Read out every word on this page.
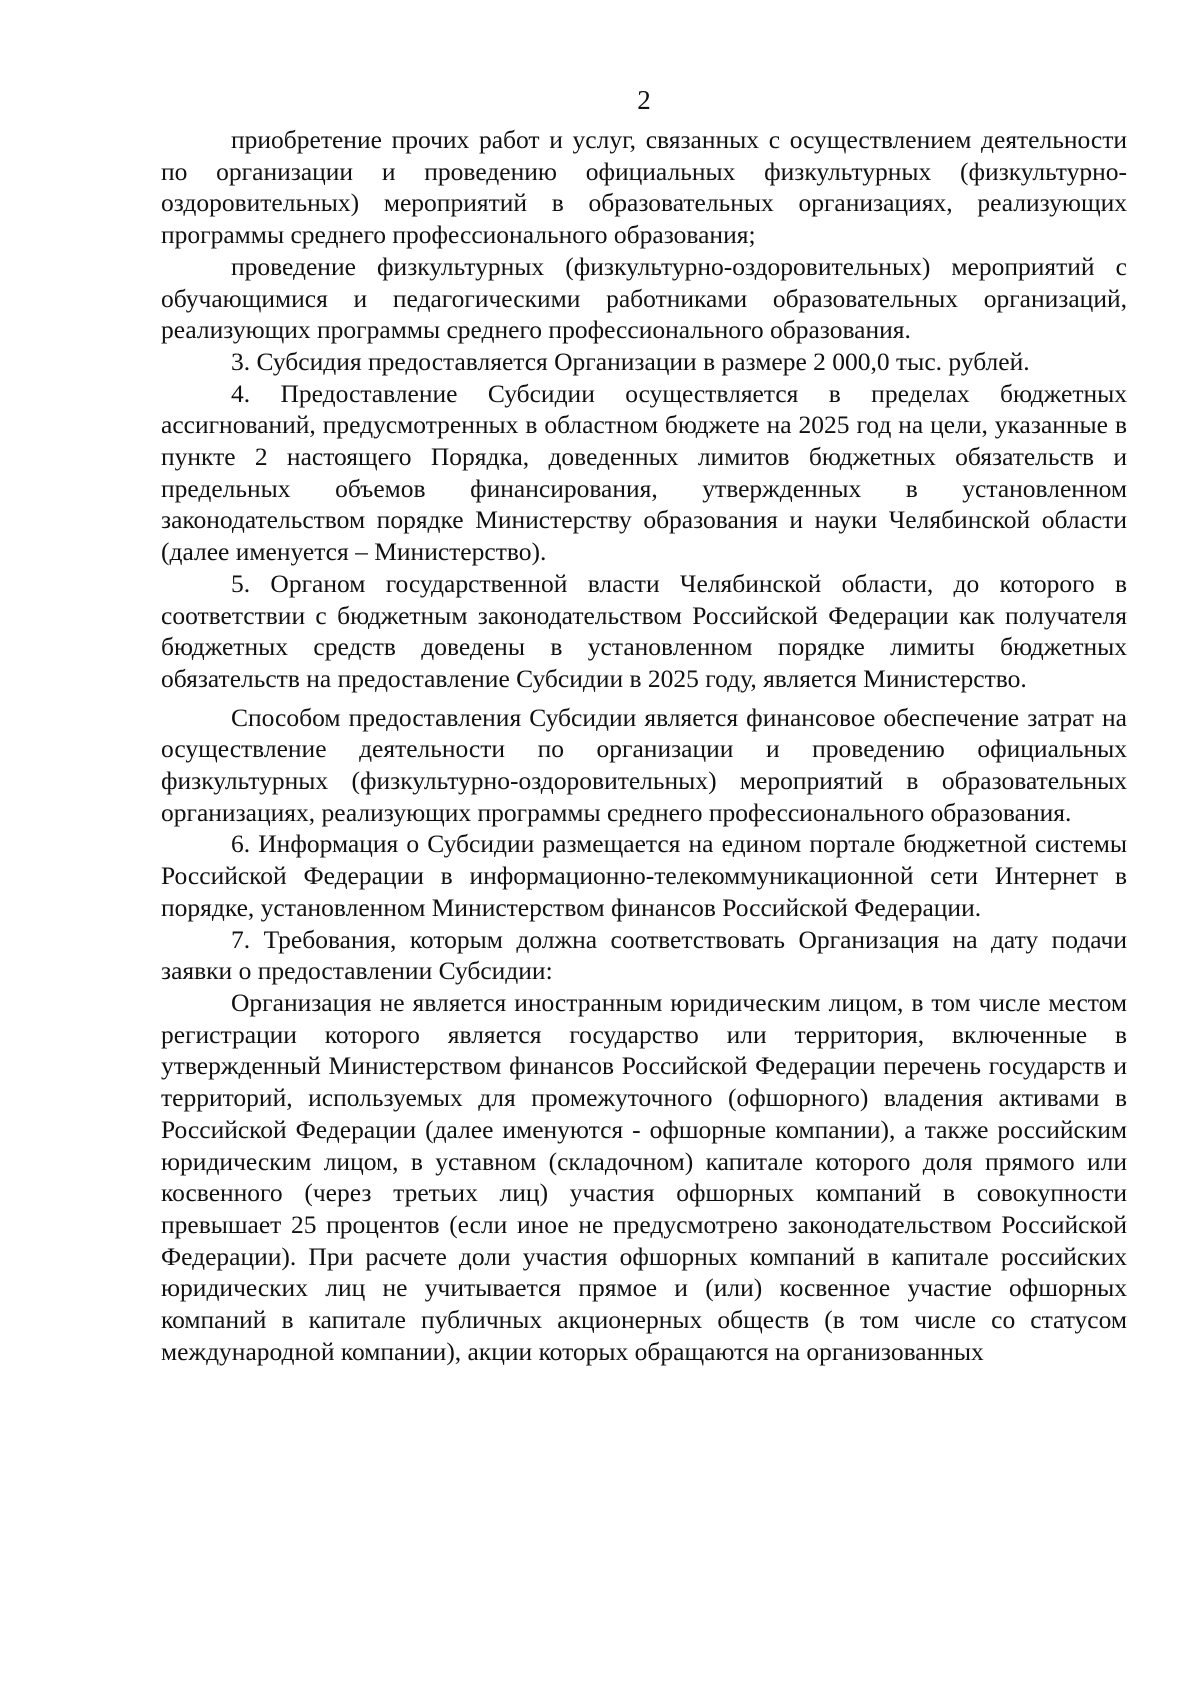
2

приобретение прочих работ и услуг, связанных с осуществлением деятельности по организации и проведению официальных физкультурных (физкультурно-оздоровительных) мероприятий в образовательных организациях, реализующих программы среднего профессионального образования;

проведение физкультурных (физкультурно-оздоровительных) мероприятий с обучающимися и педагогическими работниками образовательных организаций, реализующих программы среднего профессионального образования.

3. Субсидия предоставляется Организации в размере 2 000,0 тыс. рублей.

4. Предоставление Субсидии осуществляется в пределах бюджетных ассигнований, предусмотренных в областном бюджете на 2025 год на цели, указанные в пункте 2 настоящего Порядка, доведенных лимитов бюджетных обязательств и предельных объемов финансирования, утвержденных в установленном законодательством порядке Министерству образования и науки Челябинской области (далее именуется – Министерство).

5. Органом государственной власти Челябинской области, до которого в соответствии с бюджетным законодательством Российской Федерации как получателя бюджетных средств доведены в установленном порядке лимиты бюджетных обязательств на предоставление Субсидии в 2025 году, является Министерство.

Способом предоставления Субсидии является финансовое обеспечение затрат на осуществление деятельности по организации и проведению официальных физкультурных (физкультурно-оздоровительных) мероприятий в образовательных организациях, реализующих программы среднего профессионального образования.

6. Информация о Субсидии размещается на едином портале бюджетной системы Российской Федерации в информационно-телекоммуникационной сети Интернет в порядке, установленном Министерством финансов Российской Федерации.

7. Требования, которым должна соответствовать Организация на дату подачи заявки о предоставлении Субсидии:

Организация не является иностранным юридическим лицом, в том числе местом регистрации которого является государство или территория, включенные в утвержденный Министерством финансов Российской Федерации перечень государств и территорий, используемых для промежуточного (офшорного) владения активами в Российской Федерации (далее именуются - офшорные компании), а также российским юридическим лицом, в уставном (складочном) капитале которого доля прямого или косвенного (через третьих лиц) участия офшорных компаний в совокупности превышает 25 процентов (если иное не предусмотрено законодательством Российской Федерации). При расчете доли участия офшорных компаний в капитале российских юридических лиц не учитывается прямое и (или) косвенное участие офшорных компаний в капитале публичных акционерных обществ (в том числе со статусом международной компании), акции которых обращаются на организованных
